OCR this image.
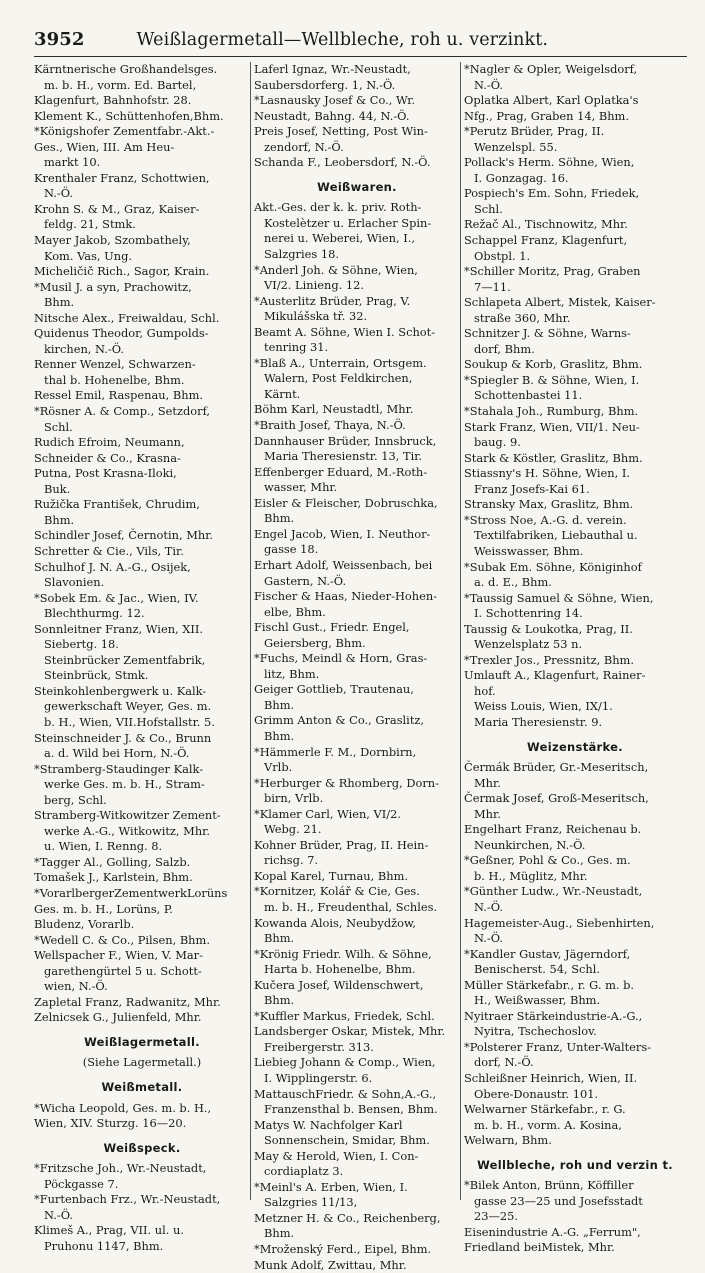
3952	Weißlagermetall—Wellbleche, roh u. verzinkt.
Kärntnerische Großhandelsges.
m. b. H., vorm. Ed. Bartel,
Klagenfurt, Bahnhofstr. 28.
Klement K., Schüttenhofen,Bhm.
*Königshofer Zementfabr.-Akt.-
Ges., Wien, III. Am Heu-
markt 10.
Krenthaler Franz, Schottwien,
N.-Ö.
Krohn S. & M., Graz, Kaiser-
feldg. 21, Stmk.
Mayer Jakob, Szombathely,
Kom. Vas, Ung.
Micheličič Rich., Sagor, Krain.
*Musil J. a syn, Prachowitz,
Bhm.
Nitsche Alex., Freiwaldau, Schl.
Quidenus Theodor, Gumpolds-
kirchen, N.-Ö.
Renner Wenzel, Schwarzen-
thal b. Hohenelbe, Bhm.
Ressel Emil, Raspenau, Bhm.
*Rösner A. & Comp., Setzdorf,
Schl.
Rudich Efroim, Neumann,
Schneider & Co., Krasna-
Putna, Post Krasna-Iloki,
Buk.
Ružička František, Chrudim,
Bhm.
Schindler Josef, Černotin, Mhr.
Schretter & Cie., Vils, Tir.
Schulhof J. N. A.-G., Osijek,
Slavonien.
*Sobek Em. & Jac., Wien, IV.
Blechthurmg. 12.
Sonnleitner Franz, Wien, XII.
Siebertg. 18.
Steinbrücker Zementfabrik,
Steinbrück, Stmk.
Steinkohlenbergwerk u. Kalk-
gewerkschaft Weyer, Ges. m.
b. H., Wien, VII.Hofstallstr. 5.
Steinschneider J. & Co., Brunn
a. d. Wild bei Horn, N.-Ö.
*Stramberg-Staudinger Kalk-
werke Ges. m. b. H., Stram-
berg, Schl.
Stramberg-Witkowitzer Zement-
werke A.-G., Witkowitz, Mhr.
u. Wien, I. Renng. 8.
*Tagger Al., Golling, Salzb.
Tomašek J., Karlstein, Bhm.
*VorarlbergerZementwerkLorüns
Ges. m. b. H., Lorüns, P.
Bludenz, Vorarlb.
*Wedell C. & Co., Pilsen, Bhm.
Wellspacher F., Wien, V. Mar-
garethengürtel 5 u. Schott-
wien, N.-Ö.
Zapletal Franz, Radwanitz, Mhr.
Zelnicsek G., Julienfeld, Mhr.
Weißlagermetall.
(Siehe Lagermetall.)
Weißmetall.
*Wicha Leopold, Ges. m. b. H.,
Wien, XIV. Sturzg. 16—20.
Weißspeck.
*Fritzsche Joh., Wr.-Neustadt,
Pöckgasse 7.
*Furtenbach Frz., Wr.-Neustadt,
N.-Ö.
Klimeš A., Prag, VII. ul. u.
Pruhonu 1147, Bhm.
Laferl Ignaz, Wr.-Neustadt,
Saubersdorferg. 1, N.-Ö.
*Lasnausky Josef & Co., Wr.
Neustadt, Bahng. 44, N.-Ö.
Preis Josef, Netting, Post Win-
zendorf, N.-Ö.
Schanda F., Leobersdorf, N.-Ö.
Weißwaren.
Akt.-Ges. der k. k. priv. Roth-
Kostelètzer u. Erlacher Spin-
nerei u. Weberei, Wien, I.,
Salzgries 18.
*Anderl Joh. & Söhne, Wien,
VI/2. Linieng. 12.
*Austerlitz Brüder, Prag, V.
Mikulášska tř. 32.
Beamt A. Söhne, Wien I. Schot-
tenring 31.
*Blaß A., Unterrain, Ortsgem.
Walern, Post Feldkirchen,
Kärnt.
Böhm Karl, Neustadtl, Mhr.
*Braith Josef, Thaya, N.-Ö.
Dannhauser Brüder, Innsbruck,
Maria Theresienstr. 13, Tir.
Effenberger Eduard, M.-Roth-
wasser, Mhr.
Eisler & Fleischer, Dobruschka,
Bhm.
Engel Jacob, Wien, I. Neuthor-
gasse 18.
Erhart Adolf, Weissenbach, bei
Gastern, N.-Ö.
Fischer & Haas, Nieder-Hohen-
elbe, Bhm.
Fischl Gust., Friedr. Engel,
Geiersberg, Bhm.
*Fuchs, Meindl & Horn, Gras-
litz, Bhm.
Geiger Gottlieb, Trautenau,
Bhm.
Grimm Anton & Co., Graslitz,
Bhm.
*Hämmerle F. M., Dornbirn,
Vrlb.
*Herburger & Rhomberg, Dorn-
birn, Vrlb.
*Klamer Carl, Wien, VI/2.
Webg. 21.
Kohner Brüder, Prag, II. Hein-
richsg. 7.
Kopal Karel, Turnau, Bhm.
*Kornitzer, Kolář & Cie, Ges.
m. b. H., Freudenthal, Schles.
Kowanda Alois, Neubydžow,
Bhm.
*Krönig Friedr. Wilh. & Söhne,
Harta b. Hohenelbe, Bhm.
Kučera Josef, Wildenschwert,
Bhm.
*Kuffler Markus, Friedek, Schl.
Landsberger Oskar, Mistek, Mhr.
Freibergerstr. 313.
Liebieg Johann & Comp., Wien,
I. Wipplingerstr. 6.
MattauschFriedr. & Sohn,A.-G.,
Franzensthal b. Bensen, Bhm.
Matys W. Nachfolger Karl
Sonnenschein, Smidar, Bhm.
May & Herold, Wien, I. Con-
cordiaplatz 3.
*Meinl's A. Erben, Wien, I.
Salzgries 11/13,
Metzner H. & Co., Reichenberg,
Bhm.
*Mroženský Ferd., Eipel, Bhm.
Munk Adolf, Zwittau, Mhr.
*Nagler & Opler, Weigelsdorf,
N.-Ö.
Oplatka Albert, Karl Oplatka's
Nfg., Prag, Graben 14, Bhm.
*Perutz Brüder, Prag, II.
Wenzelspl. 55.
Pollack's Herm. Söhne, Wien,
I. Gonzagag. 16.
Pospiech's Em. Sohn, Friedek,
Schl.
Režač Al., Tischnowitz, Mhr.
Schappel Franz, Klagenfurt,
Obstpl. 1.
*Schiller Moritz, Prag, Graben
7—11.
Schlapeta Albert, Mistek, Kaiser-
straße 360, Mhr.
Schnitzer J. & Söhne, Warns-
dorf, Bhm.
Soukup & Korb, Graslitz, Bhm.
*Spiegler B. & Söhne, Wien, I.
Schottenbastei 11.
*Stahala Joh., Rumburg, Bhm.
Stark Franz, Wien, VII/1. Neu-
baug. 9.
Stark & Köstler, Graslitz, Bhm.
Stiassny's H. Söhne, Wien, I.
Franz Josefs-Kai 61.
Stransky Max, Graslitz, Bhm.
*Stross Noe, A.-G. d. verein.
Textilfabriken, Liebauthal u.
Weisswasser, Bhm.
*Subak Em. Söhne, Königinhof
a. d. E., Bhm.
*Taussig Samuel & Söhne, Wien,
I. Schottenring 14.
Taussig & Loukotka, Prag, II.
Wenzelsplatz 53 n.
*Trexler Jos., Pressnitz, Bhm.
Umlauft A., Klagenfurt, Rainer-
hof.
Weiss Louis, Wien, IX/1.
Maria Theresienstr. 9.
Weizenstärke.
Čermák Brüder, Gr.-Meseritsch,
Mhr.
Čermak Josef, Groß-Meseritsch,
Mhr.
Engelhart Franz, Reichenau b.
Neunkirchen, N.-Ö.
*Geßner, Pohl & Co., Ges. m.
b. H., Müglitz, Mhr.
*Günther Ludw., Wr.-Neustadt,
N.-Ö.
Hagemeister-Aug., Siebenhirten,
N.-Ö.
*Kandler Gustav, Jägerndorf,
Benischerst. 54, Schl.
Müller Stärkefabr., r. G. m. b.
H., Weißwasser, Bhm.
Nyitraer Stärkeindustrie-A.-G.,
Nyitra, Tschechoslov.
*Polsterer Franz, Unter-Walters-
dorf, N.-Ö.
Schleißner Heinrich, Wien, II.
Obere-Donaustr. 101.
Welwarner Stärkefabr., r. G.
m. b. H., vorm. A. Kosina,
Welwarn, Bhm.
Wellbleche, roh und verzin t.
*Bilek Anton, Brünn, Köffiller
gasse 23—25 und Josefsstadt
23—25.
Eisenindustrie A.-G. „Ferrum",
Friedland beiMistek, Mhr.
